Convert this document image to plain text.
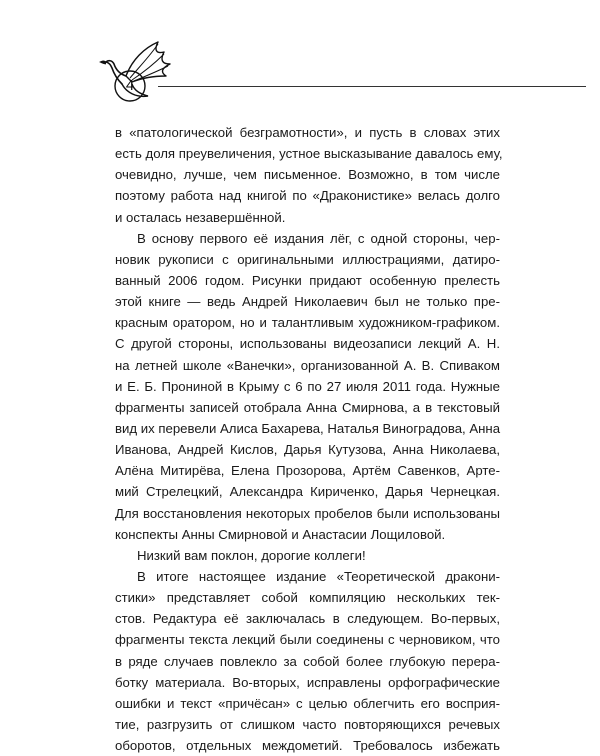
4
в «патологической безграмотности», и пусть в словах этих
есть доля преувеличения, устное высказывание давалось ему,
очевидно, лучше, чем письменное. Возможно, в том числе
поэтому работа над книгой по «Драконистике» велась долго
и осталась незавершённой.
В основу первого её издания лёг, с одной стороны, чер-
новик рукописи с оригинальными иллюстрациями, датиро-
ванный 2006 годом. Рисунки придают особенную прелесть
этой книге — ведь Андрей Николаевич был не только пре-
красным оратором, но и талантливым художником-графиком.
С другой стороны, использованы видеозаписи лекций А. Н.
на летней школе «Ванечки», организованной А. В. Спиваком
и Е. Б. Прониной в Крыму с 6 по 27 июля 2011 года. Нужные
фрагменты записей отобрала Анна Смирнова, а в текстовый
вид их перевели Алиса Бахарева, Наталья Виноградова, Анна
Иванова, Андрей Кислов, Дарья Кутузова, Анна Николаева,
Алёна Митирёва, Елена Прозорова, Артём Савенков, Арте-
мий Стрелецкий, Александра Кириченко, Дарья Чернецкая.
Для восстановления некоторых пробелов были использованы
конспекты Анны Смирновой и Анастасии Лощиловой.
Низкий вам поклон, дорогие коллеги!
В итоге настоящее издание «Теоретической дракони-
стики» представляет собой компиляцию нескольких тек-
стов. Редактура её заключалась в следующем. Во-первых,
фрагменты текста лекций были соединены с черновиком, что
в ряде случаев повлекло за собой более глубокую перера-
ботку материала. Во-вторых, исправлены орфографические
ошибки и текст «причёсан» с целью облегчить его восприя-
тие, разгрузить от слишком часто повторяющихся речевых
оборотов, отдельных междометий. Требовалось избежать
